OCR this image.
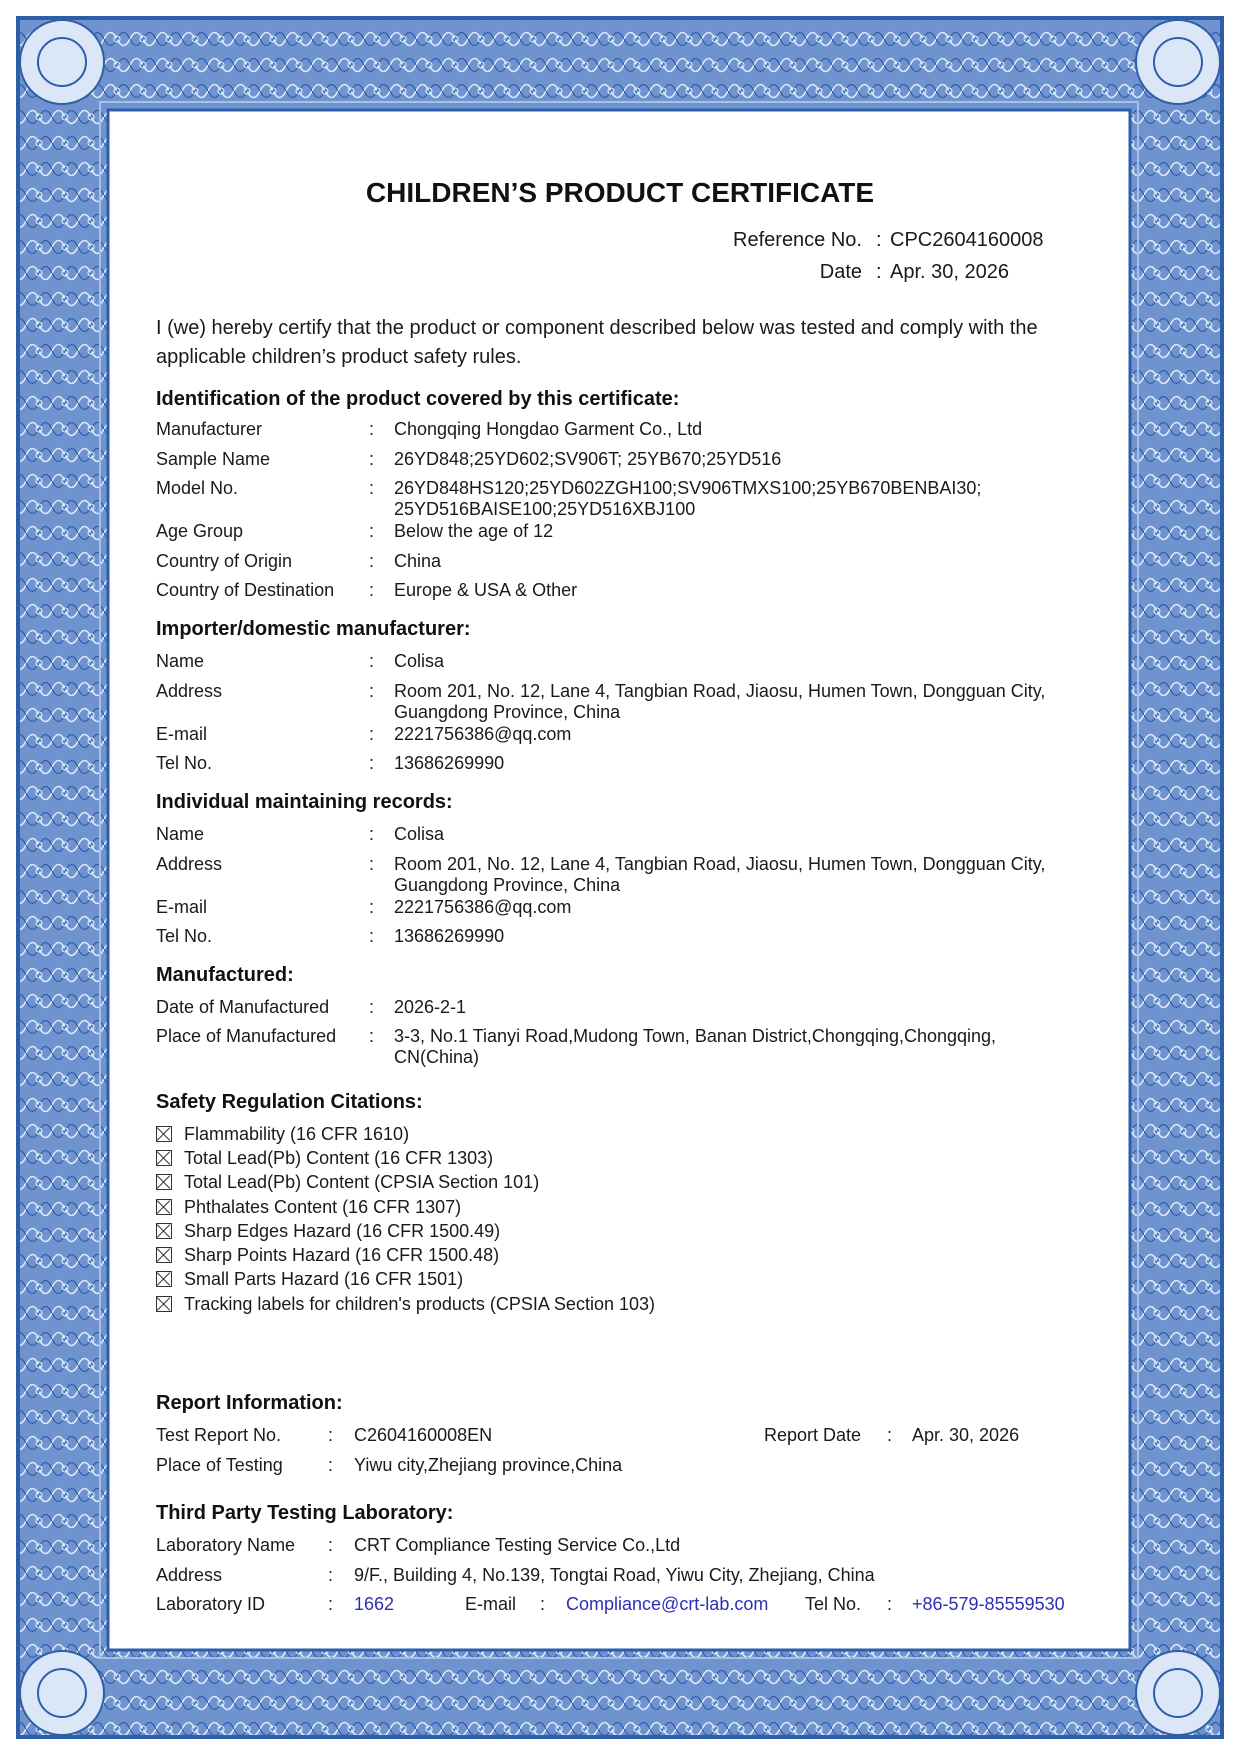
CHILDREN’S PRODUCT CERTIFICATE
Reference No. : CPC2604160008
Date : Apr. 30, 2026
I (we) hereby certify that the product or component described below was tested and comply with the applicable children’s product safety rules.
Identification of the product covered by this certificate:
Manufacturer	: Chongqing Hongdao Garment Co., Ltd
Sample Name	: 26YD848;25YD602;SV906T; 25YB670;25YD516
Model No.	: 26YD848HS120;25YD602ZGH100;SV906TMXS100;25YB670BENBAI30;
25YD516BAISE100;25YD516XBJ100
Age Group	: Below the age of 12
Country of Origin	: China
Country of Destination : Europe & USA & Other
Importer/domestic manufacturer:
Name	: Colisa
Address	: Room 201, No. 12, Lane 4, Tangbian Road, Jiaosu, Humen Town, Dongguan City,
Guangdong Province, China
E-mail	: 2221756386@qq.com
Tel No.	: 13686269990
Individual maintaining records:
Name	: Colisa
Address	: Room 201, No. 12, Lane 4, Tangbian Road, Jiaosu, Humen Town, Dongguan City,
Guangdong Province, China
E-mail	: 2221756386@qq.com
Tel No.	: 13686269990
Manufactured:
Date of Manufactured : 2026-2-1
Place of Manufactured : 3-3, No.1 Tianyi Road,Mudong Town, Banan District,Chongqing,Chongqing,
CN(China)
Safety Regulation Citations:
Flammability (16 CFR 1610)
Total Lead(Pb) Content (16 CFR 1303)
Total Lead(Pb) Content (CPSIA Section 101)
Phthalates Content (16 CFR 1307)
Sharp Edges Hazard (16 CFR 1500.49)
Sharp Points Hazard (16 CFR 1500.48)
Small Parts Hazard (16 CFR 1501)
Tracking labels for children's products (CPSIA Section 103)
Report Information:
Test Report No.	: C2604160008EN	Report Date : Apr. 30, 2026
Place of Testing	: Yiwu city,Zhejiang province,China
Third Party Testing Laboratory:
Laboratory Name : CRT Compliance Testing Service Co.,Ltd
Address	: 9/F., Building 4, No.139, Tongtai Road, Yiwu City, Zhejiang, China
Laboratory ID	: 1662	E-mail : Compliance@crt-lab.com Tel No. : +86-579-85559530
